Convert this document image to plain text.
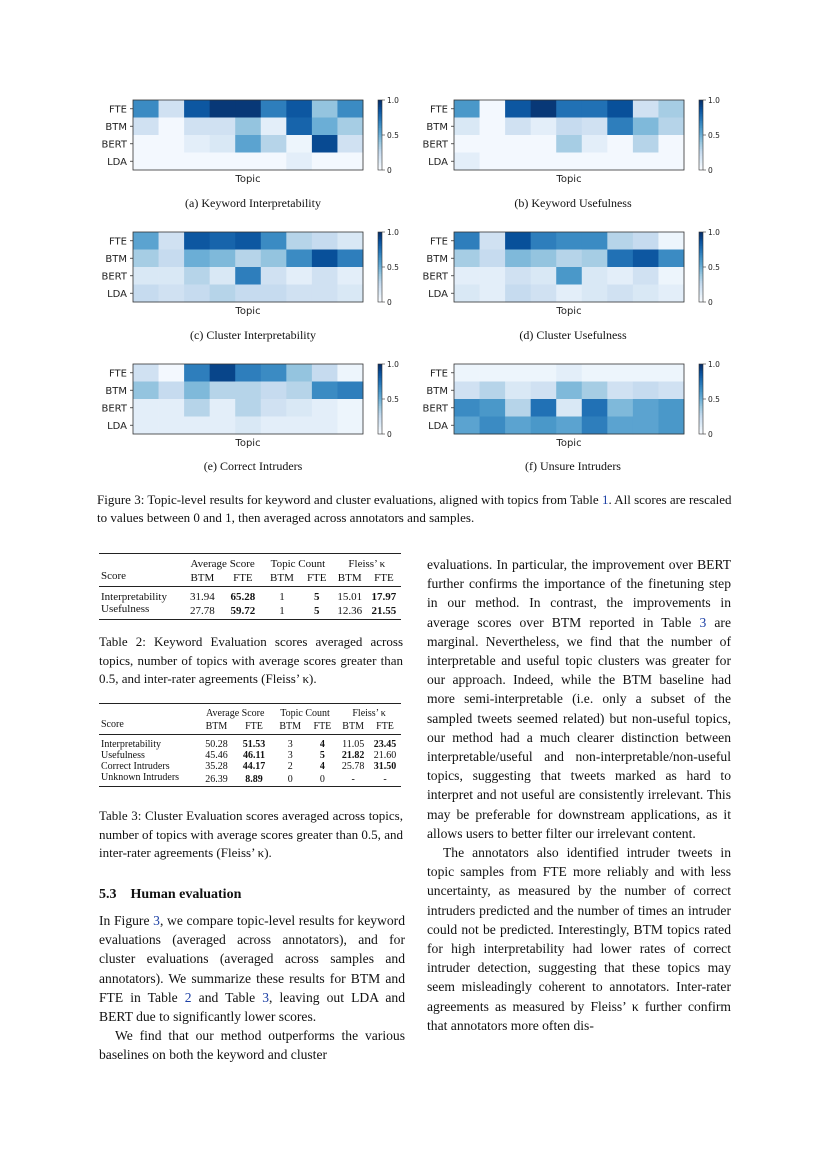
FTE
BTM
BERT
LDA
Topic
1.0
0.5
0
FTE
BTM
BERT
LDA
Topic
1.0
0.5
0
FTE
BTM
BERT
LDA
Topic
1.0
0.5
0
FTE
BTM
BERT
LDA
Topic
1.0
0.5
0
FTE
BTM
BERT
LDA
Topic
1.0
0.5
0
FTE
BTM
BERT
LDA
Topic
1.0
0.5
0
(a) Keyword Interpretability	(b) Keyword Usefulness
(c) Cluster Interpretability	(d) Cluster Usefulness
(e) Correct Intruders	(f) Unsure Intruders
Figure 3: Topic-level results for keyword and cluster evaluations, aligned with topics from Table 1. All scores are rescaled to values between 0 and 1, then averaged across annotators and samples.
	Average Score		Topic Count		Fleiss’ κ	
Score	BTM	FTE	BTM	FTE	BTM	FTE
Interpretability	31.94	65.28	1	5	15.01	17.97
Usefulness	27.78	59.72	1	5	12.36	21.55
Table 2: Keyword Evaluation scores averaged across topics, number of topics with average scores greater than 0.5, and inter-rater agreements (Fleiss’ κ).
	Average Score		Topic Count		Fleiss’ κ	
Score	BTM	FTE	BTM	FTE	BTM	FTE
Interpretability	50.28	51.53	3	4	11.05	23.45
Usefulness	45.46	46.11	3	5	21.82	21.60
Correct Intruders	35.28	44.17	2	4	25.78	31.50
Unknown Intruders	26.39	8.89	0	0	-	-
Table 3: Cluster Evaluation scores averaged across topics, number of topics with average scores greater than 0.5, and inter-rater agreements (Fleiss’ κ).
5.3 Human evaluation

In Figure 3, we compare topic-level results for keyword evaluations (averaged across annotators), and for cluster evaluations (averaged across samples and annotators). We summarize these results for BTM and FTE in Table 2 and Table 3, leaving out LDA and BERT due to significantly lower scores.

We find that our method outperforms the various baselines on both the keyword and cluster

evaluations. In particular, the improvement over BERT further confirms the importance of the finetuning step in our method. In contrast, the improvements in average scores over BTM reported in Table 3 are marginal. Nevertheless, we find that the number of interpretable and useful topic clusters was greater for our approach. Indeed, while the BTM baseline had more semi-interpretable (i.e. only a subset of the sampled tweets seemed related) but non-useful topics, our method had a much clearer distinction between interpretable/useful and non-interpretable/non-useful topics, suggesting that tweets marked as hard to interpret and not useful are consistently irrelevant. This may be preferable for downstream applications, as it allows users to better filter our irrelevant content.

The annotators also identified intruder tweets in topic samples from FTE more reliably and with less uncertainty, as measured by the number of correct intruders predicted and the number of times an intruder could not be predicted. Interestingly, BTM topics rated for high interpretability had lower rates of correct intruder detection, suggesting that these topics may seem misleadingly coherent to annotators. Inter-rater agreements as measured by Fleiss’ κ further confirm that annotators more often dis-
